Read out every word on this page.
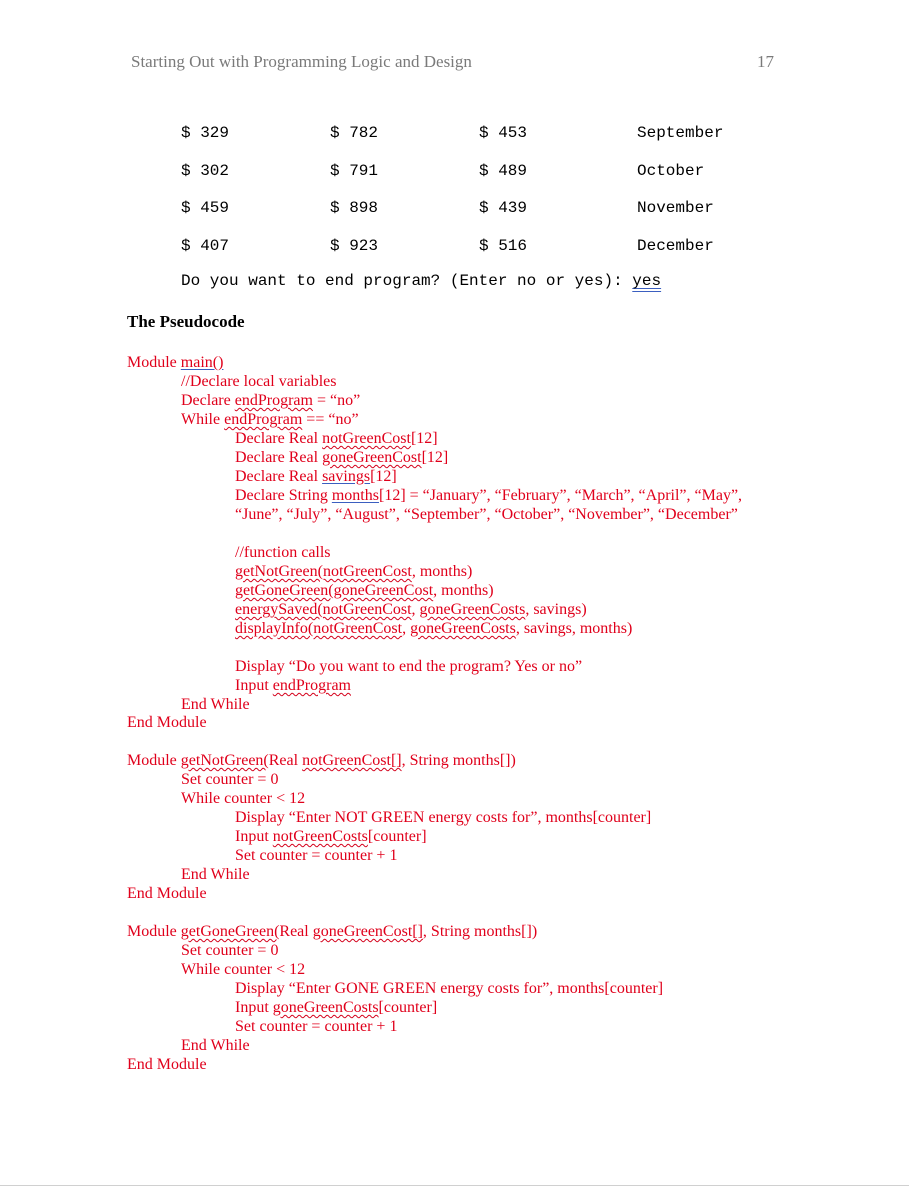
Starting Out with Programming Logic and Design	17
$ 329	$ 782	$ 453	September
$ 302	$ 791	$ 489	October
$ 459	$ 898	$ 439	November
$ 407	$ 923	$ 516	December
Do you want to end program? (Enter no or yes): yes
The Pseudocode
Module main()
//Declare local variables
Declare endProgram = “no”
While endProgram == “no”
Declare Real notGreenCost[12]
Declare Real goneGreenCost[12]
Declare Real savings[12]
Declare String months[12] = “January”, “February”, “March”, “April”, “May”,
“June”, “July”, “August”, “September”, “October”, “November”, “December”
//function calls
getNotGreen(notGreenCost, months)
getGoneGreen(goneGreenCost, months)
energySaved(notGreenCost, goneGreenCosts, savings)
displayInfo(notGreenCost, goneGreenCosts, savings, months)
Display “Do you want to end the program? Yes or no”
Input endProgram
End While
End Module
Module getNotGreen(Real notGreenCost[], String months[])
Set counter = 0
While counter < 12
Display “Enter NOT GREEN energy costs for”, months[counter]
Input notGreenCosts[counter]
Set counter = counter + 1
End While
End Module
Module getGoneGreen(Real goneGreenCost[], String months[])
Set counter = 0
While counter < 12
Display “Enter GONE GREEN energy costs for”, months[counter]
Input goneGreenCosts[counter]
Set counter = counter + 1
End While
End Module
